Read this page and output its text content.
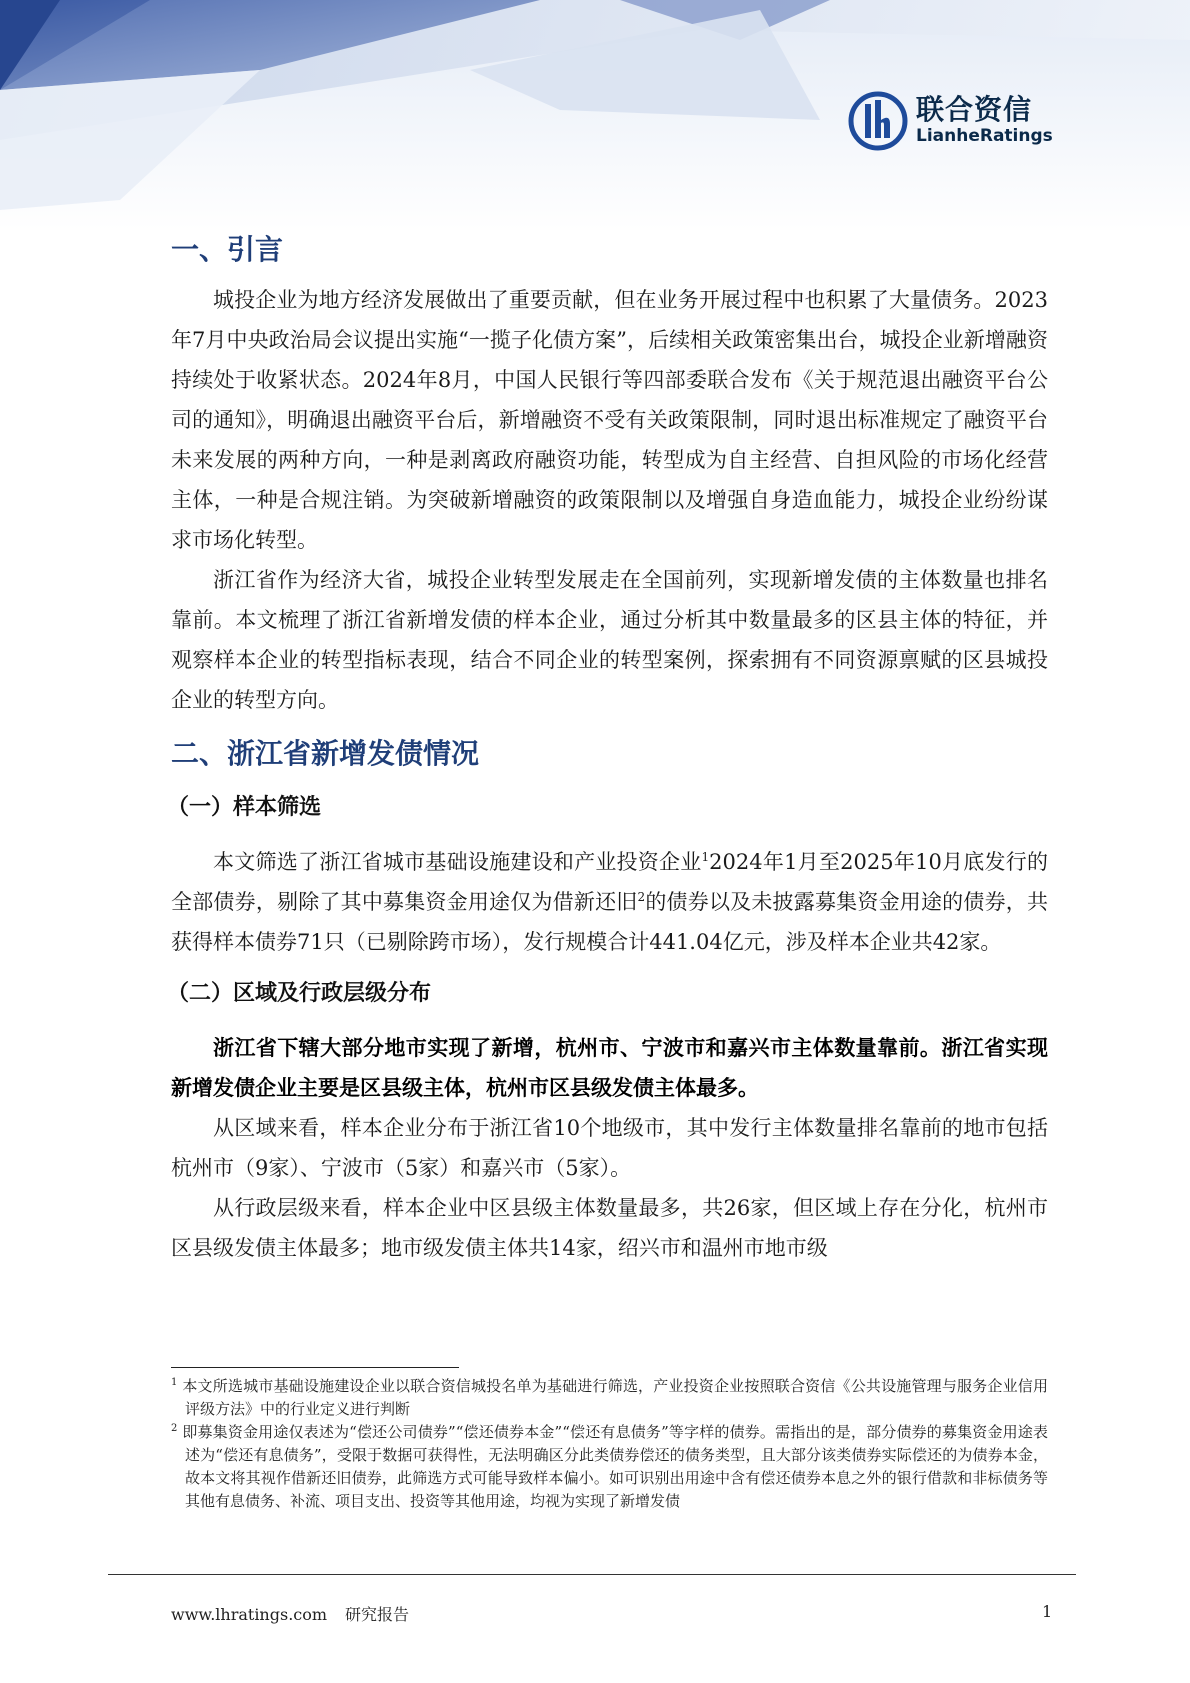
联合资信
LianheRatings
一、引言

城投企业为地方经济发展做出了重要贡献，但在业务开展过程中也积累了大量债务。2023年7月中央政治局会议提出实施“一揽子化债方案”，后续相关政策密集出台，城投企业新增融资持续处于收紧状态。2024年8月，中国人民银行等四部委联合发布《关于规范退出融资平台公司的通知》，明确退出融资平台后，新增融资不受有关政策限制，同时退出标准规定了融资平台未来发展的两种方向，一种是剥离政府融资功能，转型成为自主经营、自担风险的市场化经营主体，一种是合规注销。为突破新增融资的政策限制以及增强自身造血能力，城投企业纷纷谋求市场化转型。

浙江省作为经济大省，城投企业转型发展走在全国前列，实现新增发债的主体数量也排名靠前。本文梳理了浙江省新增发债的样本企业，通过分析其中数量最多的区县主体的特征，并观察样本企业的转型指标表现，结合不同企业的转型案例，探索拥有不同资源禀赋的区县城投企业的转型方向。

二、浙江省新增发债情况
（一）样本筛选

本文筛选了浙江省城市基础设施建设和产业投资企业$^1$2024年1月至2025年10月底发行的全部债券，剔除了其中募集资金用途仅为借新还旧$^2$的债券以及未披露募集资金用途的债券，共获得样本债券71只（已剔除跨市场），发行规模合计441.04亿元，涉及样本企业共42家。

（二）区域及行政层级分布

浙江省下辖大部分地市实现了新增，杭州市、宁波市和嘉兴市主体数量靠前。浙江省实现新增发债企业主要是区县级主体，杭州市区县级发债主体最多。

从区域来看，样本企业分布于浙江省10个地级市，其中发行主体数量排名靠前的地市包括杭州市（9家）、宁波市（5家）和嘉兴市（5家）。

从行政层级来看，样本企业中区县级主体数量最多，共26家，但区域上存在分化，杭州市区县级发债主体最多；地市级发债主体共14家，绍兴市和温州市地市级

$^1$ 本文所选城市基础设施建设企业以联合资信城投名单为基础进行筛选，产业投资企业按照联合资信《公共设施管理与服务企业信用评级方法》中的行业定义进行判断

$^2$ 即募集资金用途仅表述为“偿还公司债券”“偿还债券本金”“偿还有息债务”等字样的债券。需指出的是，部分债券的募集资金用途表述为“偿还有息债务”，受限于数据可获得性，无法明确区分此类债券偿还的债务类型，且大部分该类债券实际偿还的为债券本金，故本文将其视作借新还旧债券，此筛选方式可能导致样本偏小。如可识别出用途中含有偿还债券本息之外的银行借款和非标债务等其他有息债务、补流、项目支出、投资等其他用途，均视为实现了新增发债

www.lhratings.com 研究报告	1
